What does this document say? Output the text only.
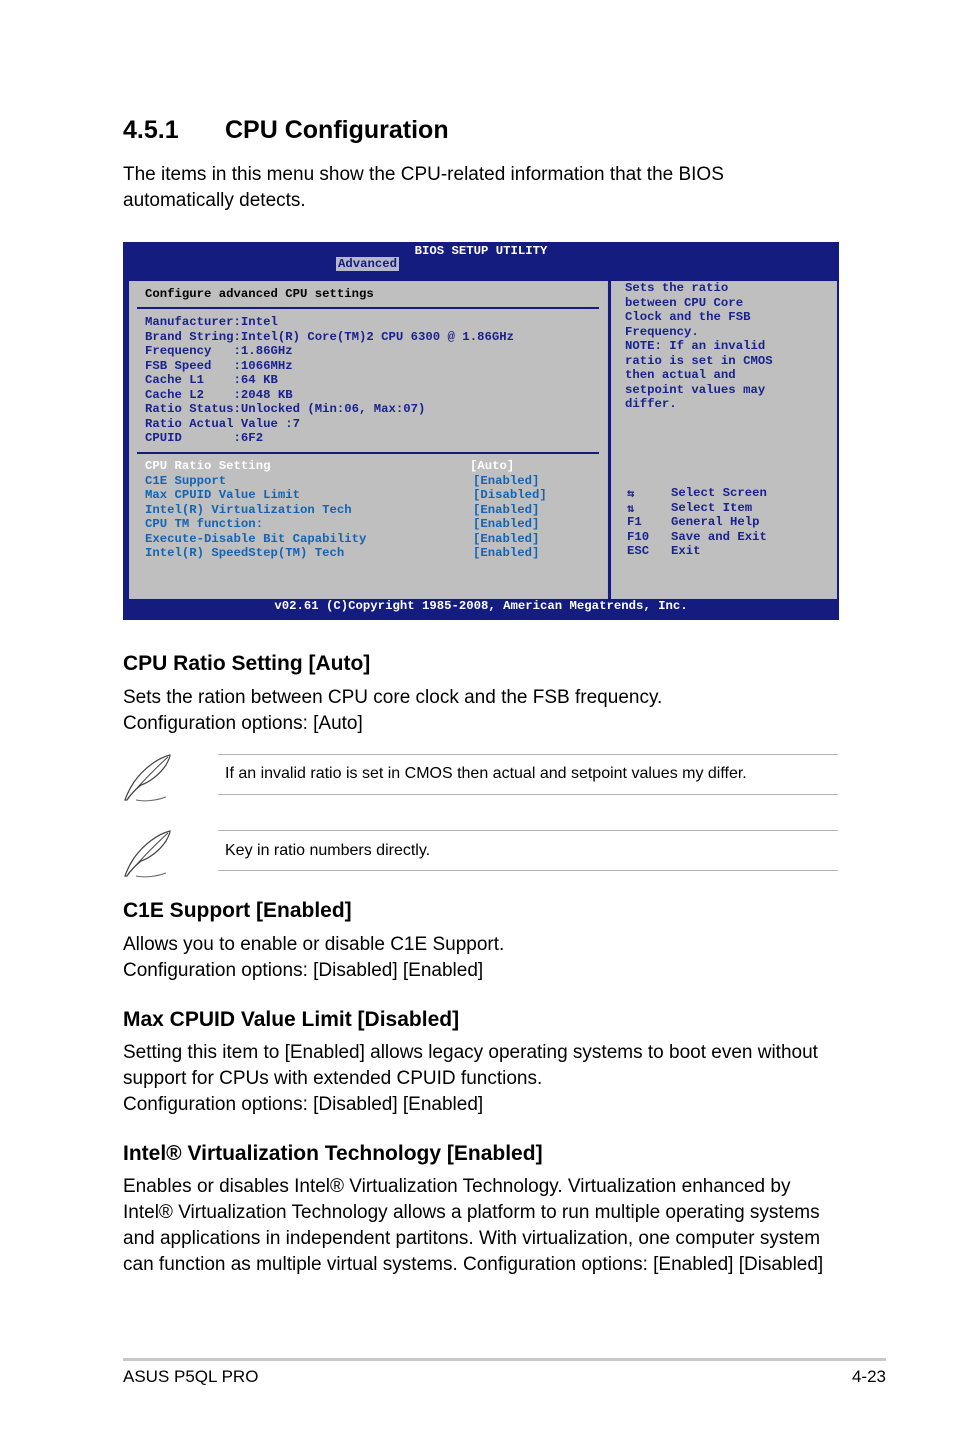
4.5.1 CPU Configuration

The items in this menu show the CPU-related information that the BIOS automatically detects.

BIOS SETUP UTILITY
Advanced
Configure advanced CPU settings
Manufacturer:Intel
Brand String:Intel(R) Core(TM)2 CPU 6300 @ 1.86GHz
Frequency   :1.86GHz
FSB Speed   :1066MHz
Cache L1    :64 KB
Cache L2    :2048 KB
Ratio Status:Unlocked (Min:06, Max:07)
Ratio Actual Value :7
CPUID       :6F2
CPU Ratio Setting	[Auto]
C1E Support	[Enabled]
Max CPUID Value Limit	[Disabled]
Intel(R) Virtualization Tech	[Enabled]
CPU TM function:	[Enabled]
Execute-Disable Bit Capability	[Enabled]
Intel(R) SpeedStep(TM) Tech	[Enabled]
Sets the ratio
between CPU Core
Clock and the FSB
Frequency.
NOTE: If an invalid
ratio is set in CMOS
then actual and
setpoint values may
differ.
⇆	Select Screen
⇅	Select Item
F1 General Help
F10 Save and Exit
ESC Exit
v02.61 (C)Copyright 1985-2008, American Megatrends, Inc.
CPU Ratio Setting [Auto]

Sets the ration between CPU core clock and the FSB frequency.
Configuration options: [Auto]

If an invalid ratio is set in CMOS then actual and setpoint values my differ.
Key in ratio numbers directly.
C1E Support [Enabled]

Allows you to enable or disable C1E Support.
Configuration options: [Disabled] [Enabled]

Max CPUID Value Limit [Disabled]

Setting this item to [Enabled] allows legacy operating systems to boot even without support for CPUs with extended CPUID functions.
Configuration options: [Disabled] [Enabled]

Intel® Virtualization Technology [Enabled]

Enables or disables Intel® Virtualization Technology. Virtualization enhanced by Intel® Virtualization Technology allows a platform to run multiple operating systems and applications in independent partitons. With virtualization, one computer system can function as multiple virtual systems. Configuration options: [Enabled] [Disabled]

ASUS P5QL PRO	4-23
